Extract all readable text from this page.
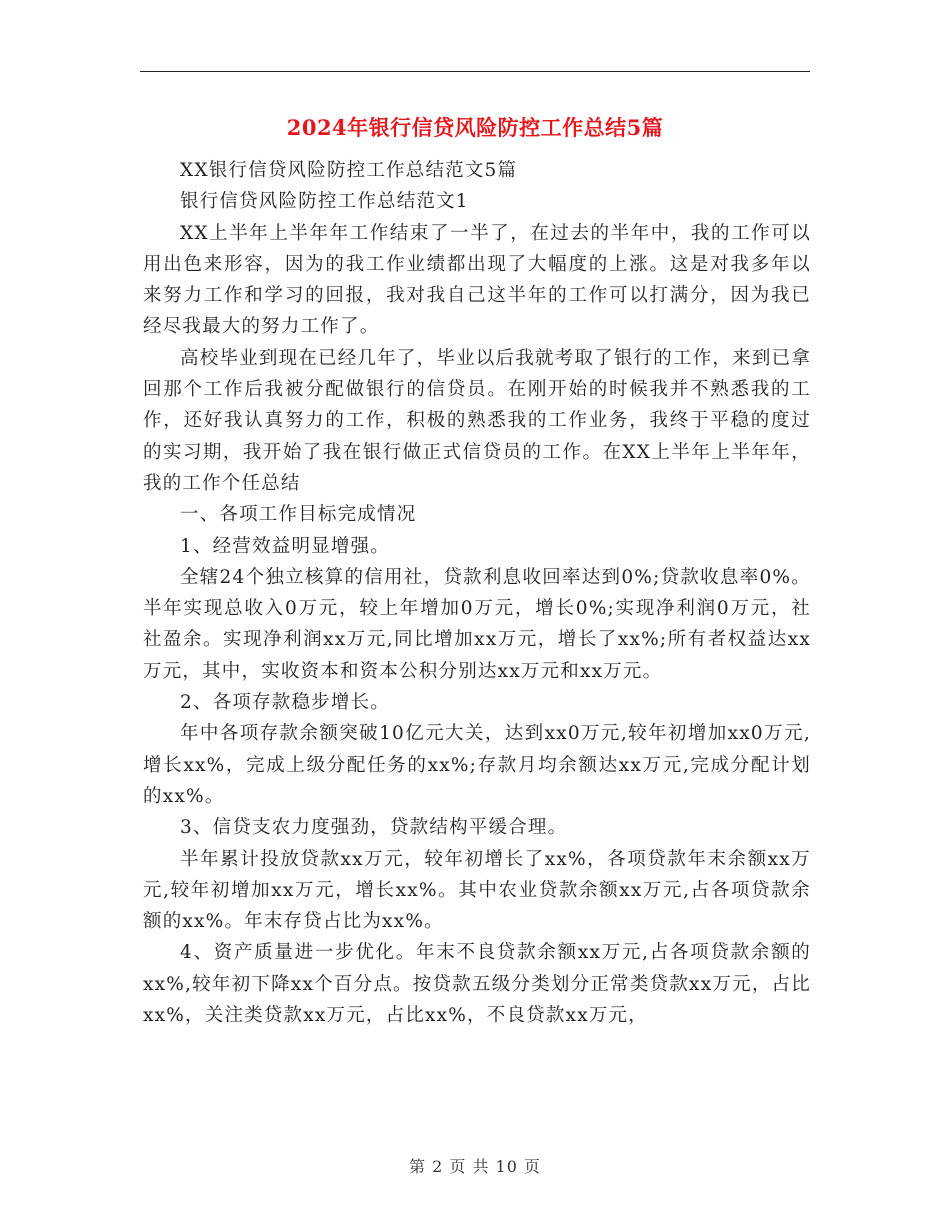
2024年银行信贷风险防控工作总结5篇

XX银行信贷风险防控工作总结范文5篇

银行信贷风险防控工作总结范文1

XX上半年上半年年工作结束了一半了，在过去的半年中，我的工作可以用出色来形容，因为的我工作业绩都出现了大幅度的上涨。这是对我多年以来努力工作和学习的回报，我对我自己这半年的工作可以打满分，因为我已经尽我最大的努力工作了。

高校毕业到现在已经几年了，毕业以后我就考取了银行的工作，来到已拿回那个工作后我被分配做银行的信贷员。在刚开始的时候我并不熟悉我的工作，还好我认真努力的工作，积极的熟悉我的工作业务，我终于平稳的度过的实习期，我开始了我在银行做正式信贷员的工作。在XX上半年上半年年，我的工作个任总结

一、各项工作目标完成情况

1、经营效益明显增强。

全辖24个独立核算的信用社，贷款利息收回率达到0%;贷款收息率0%。半年实现总收入0万元，较上年增加0万元，增长0%;实现净利润0万元，社社盈余。实现净利润xx万元,同比增加xx万元，增长了xx%;所有者权益达xx万元，其中，实收资本和资本公积分别达xx万元和xx万元。

2、各项存款稳步增长。

年中各项存款余额突破10亿元大关，达到xx0万元,较年初增加xx0万元,增长xx%，完成上级分配任务的xx%;存款月均余额达xx万元,完成分配计划的xx%。

3、信贷支农力度强劲，贷款结构平缓合理。

半年累计投放贷款xx万元，较年初增长了xx%，各项贷款年末余额xx万元,较年初增加xx万元，增长xx%。其中农业贷款余额xx万元,占各项贷款余额的xx%。年末存贷占比为xx%。

4、资产质量进一步优化。年末不良贷款余额xx万元,占各项贷款余额的xx%,较年初下降xx个百分点。按贷款五级分类划分正常类贷款xx万元，占比xx%，关注类贷款xx万元，占比xx%，不良贷款xx万元，

第 2 页 共 10 页
